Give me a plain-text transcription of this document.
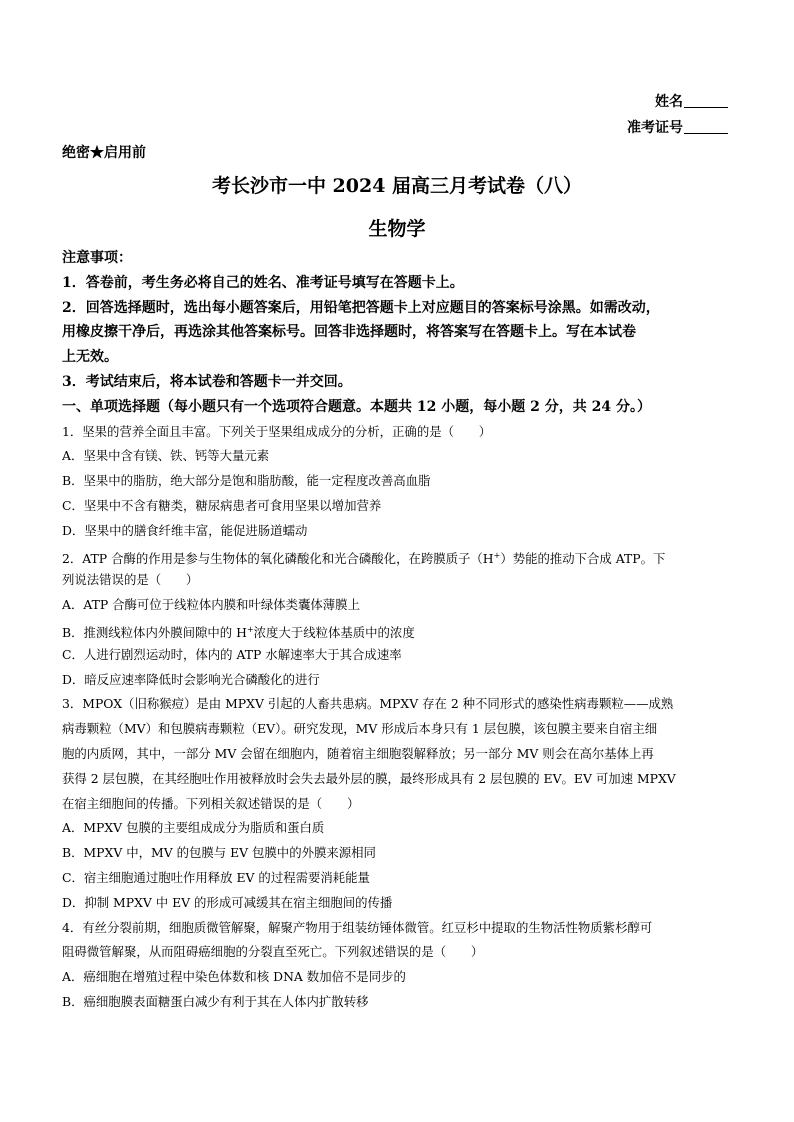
姓名
准考证号
绝密★启用前
考长沙市一中 2024 届高三月考试卷（八）
生物学
注意事项：
1．答卷前，考生务必将自己的姓名、准考证号填写在答题卡上。
2．回答选择题时，选出每小题答案后，用铅笔把答题卡上对应题目的答案标号涂黑。如需改动，
用橡皮擦干净后，再选涂其他答案标号。回答非选择题时，将答案写在答题卡上。写在本试卷
上无效。
3．考试结束后，将本试卷和答题卡一并交回。
一、单项选择题（每小题只有一个选项符合题意。本题共 12 小题，每小题 2 分，共 24 分。）
1．坚果的营养全面且丰富。下列关于坚果组成成分的分析，正确的是（　　）
A．坚果中含有镁、铁、钙等大量元素
B．坚果中的脂肪，绝大部分是饱和脂肪酸，能一定程度改善高血脂
C．坚果中不含有糖类，糖尿病患者可食用坚果以增加营养
D．坚果中的膳食纤维丰富，能促进肠道蠕动
2．ATP 合酶的作用是参与生物体的氧化磷酸化和光合磷酸化，在跨膜质子（H+）势能的推动下合成 ATP。下
列说法错误的是（　　）
A．ATP 合酶可位于线粒体内膜和叶绿体类囊体薄膜上
B．推测线粒体内外膜间隙中的 H+浓度大于线粒体基质中的浓度
C．人进行剧烈运动时，体内的 ATP 水解速率大于其合成速率
D．暗反应速率降低时会影响光合磷酸化的进行
3．MPOX（旧称猴痘）是由 MPXV 引起的人畜共患病。MPXV 存在 2 种不同形式的感染性病毒颗粒——成熟
病毒颗粒（MV）和包膜病毒颗粒（EV）。研究发现，MV 形成后本身只有 1 层包膜，该包膜主要来自宿主细
胞的内质网，其中，一部分 MV 会留在细胞内，随着宿主细胞裂解释放；另一部分 MV 则会在高尔基体上再
获得 2 层包膜，在其经胞吐作用被释放时会失去最外层的膜，最终形成具有 2 层包膜的 EV。EV 可加速 MPXV
在宿主细胞间的传播。下列相关叙述错误的是（　　）
A．MPXV 包膜的主要组成成分为脂质和蛋白质
B．MPXV 中，MV 的包膜与 EV 包膜中的外膜来源相同
C．宿主细胞通过胞吐作用释放 EV 的过程需要消耗能量
D．抑制 MPXV 中 EV 的形成可减缓其在宿主细胞间的传播
4．有丝分裂前期，细胞质微管解聚，解聚产物用于组装纺锤体微管。红豆杉中提取的生物活性物质紫杉醇可
阻碍微管解聚，从而阻碍癌细胞的分裂直至死亡。下列叙述错误的是（　　）
A．癌细胞在增殖过程中染色体数和核 DNA 数加倍不是同步的
B．癌细胞膜表面糖蛋白减少有利于其在人体内扩散转移
